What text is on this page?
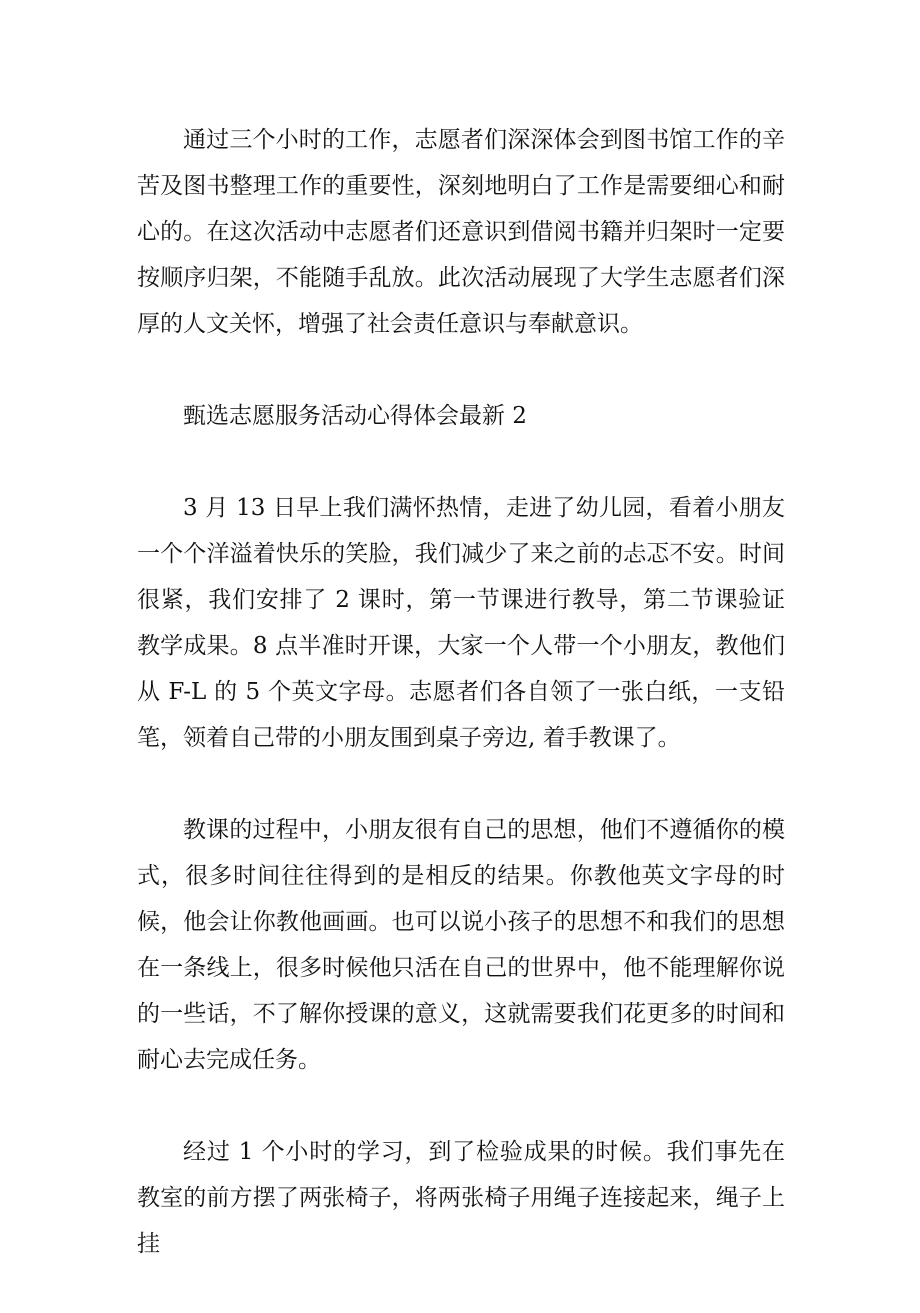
通过三个小时的工作，志愿者们深深体会到图书馆工作的辛苦及图书整理工作的重要性，深刻地明白了工作是需要细心和耐心的。在这次活动中志愿者们还意识到借阅书籍并归架时一定要按顺序归架，不能随手乱放。此次活动展现了大学生志愿者们深厚的人文关怀，增强了社会责任意识与奉献意识。

甄选志愿服务活动心得体会最新 2

3 月 13 日早上我们满怀热情，走进了幼儿园，看着小朋友一个个洋溢着快乐的笑脸，我们减少了来之前的忐忑不安。时间很紧，我们安排了 2 课时，第一节课进行教导，第二节课验证教学成果。8 点半准时开课，大家一个人带一个小朋友，教他们从 F-L 的 5 个英文字母。志愿者们各自领了一张白纸，一支铅笔，领着自己带的小朋友围到桌子旁边, 着手教课了。

教课的过程中，小朋友很有自己的思想，他们不遵循你的模式，很多时间往往得到的是相反的结果。你教他英文字母的时候，他会让你教他画画。也可以说小孩子的思想不和我们的思想在一条线上，很多时候他只活在自己的世界中，他不能理解你说的一些话，不了解你授课的意义，这就需要我们花更多的时间和耐心去完成任务。

经过 1 个小时的学习，到了检验成果的时候。我们事先在教室的前方摆了两张椅子，将两张椅子用绳子连接起来，绳子上挂
